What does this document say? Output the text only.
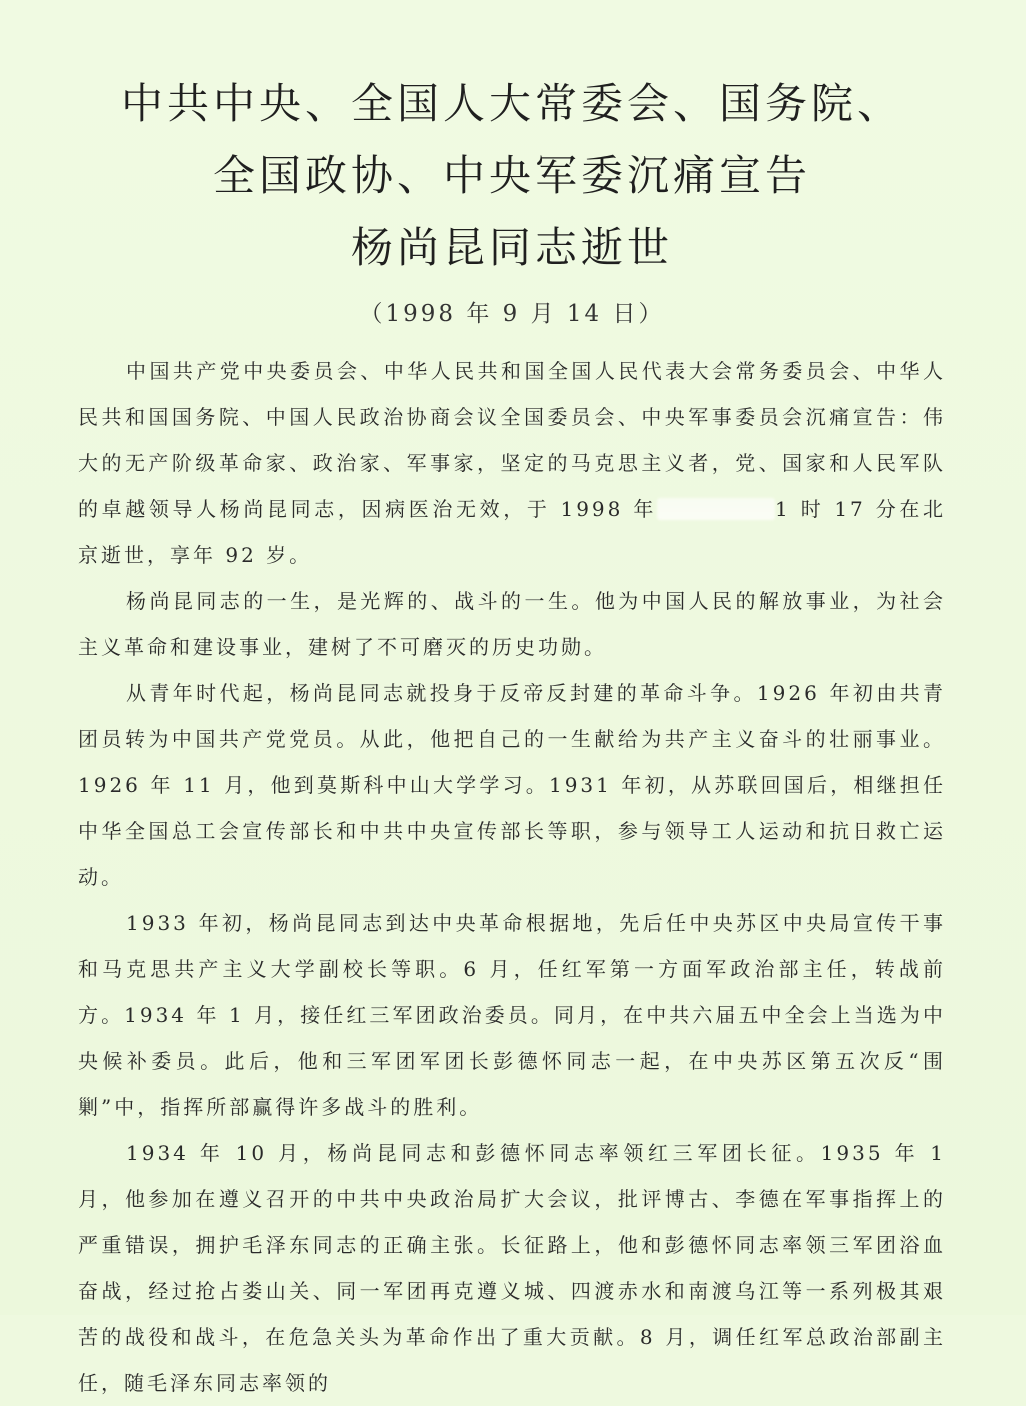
中共中央、全国人大常委会、国务院、
全国政协、中央军委沉痛宣告
杨尚昆同志逝世
（1998 年 9 月 14 日）

中国共产党中央委员会、中华人民共和国全国人民代表大会常务委员会、中华人民共和国国务院、中国人民政治协商会议全国委员会、中央军事委员会沉痛宣告：伟大的无产阶级革命家、政治家、军事家，坚定的马克思主义者，党、国家和人民军队的卓越领导人杨尚昆同志，因病医治无效，于 1998 年	1 时 17 分在北京逝世，享年 92 岁。

杨尚昆同志的一生，是光辉的、战斗的一生。他为中国人民的解放事业，为社会主义革命和建设事业，建树了不可磨灭的历史功勋。

从青年时代起，杨尚昆同志就投身于反帝反封建的革命斗争。1926 年初由共青团员转为中国共产党党员。从此，他把自己的一生献给为共产主义奋斗的壮丽事业。1926 年 11 月，他到莫斯科中山大学学习。1931 年初，从苏联回国后，相继担任中华全国总工会宣传部长和中共中央宣传部长等职，参与领导工人运动和抗日救亡运动。

1933 年初，杨尚昆同志到达中央革命根据地，先后任中央苏区中央局宣传干事和马克思共产主义大学副校长等职。6 月，任红军第一方面军政治部主任，转战前方。1934 年 1 月，接任红三军团政治委员。同月，在中共六届五中全会上当选为中央候补委员。此后，他和三军团军团长彭德怀同志一起，在中央苏区第五次反“围剿”中，指挥所部赢得许多战斗的胜利。

1934 年 10 月，杨尚昆同志和彭德怀同志率领红三军团长征。1935 年 1 月，他参加在遵义召开的中共中央政治局扩大会议，批评博古、李德在军事指挥上的严重错误，拥护毛泽东同志的正确主张。长征路上，他和彭德怀同志率领三军团浴血奋战，经过抢占娄山关、同一军团再克遵义城、四渡赤水和南渡乌江等一系列极其艰苦的战役和战斗，在危急关头为革命作出了重大贡献。8 月，调任红军总政治部副主任，随毛泽东同志率领的
